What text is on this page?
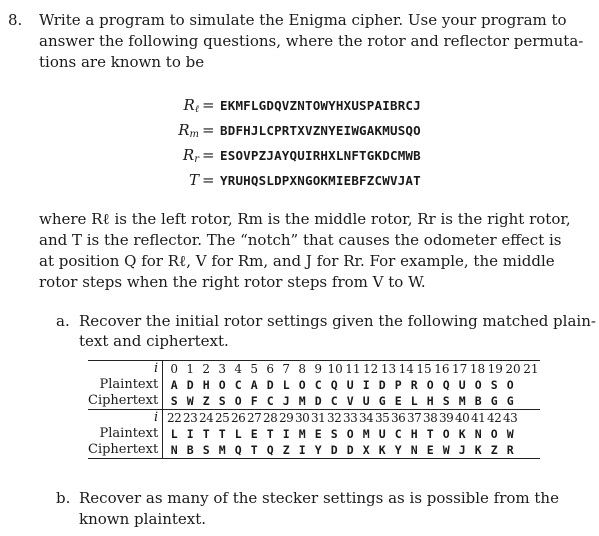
8. Write a program to simulate the Enigma cipher. Use your program to
answer the following questions, where the rotor and reflector permuta-
tions are known to be
$R_\ell$ = EKMFLGDQVZNTOWYHXUSPAIBRCJ
$R_m$ = BDFHJLCPRTXVZNYEIWGAKMUSQO
$R_r$ = ESOVPZJAYQUIRHXLNFTGKDCMWB
T = YRUHQSLDPXNGOKMIEBFZCWVJAT
where Rℓ is the left rotor, Rm is the middle rotor, Rr is the right rotor,
and T is the reflector. The “notch” that causes the odometer effect is
at position Q for Rℓ, V for Rm, and J for Rr. For example, the middle
rotor steps when the right rotor steps from V to W.
a. Recover the initial rotor settings given the following matched plain-
text and ciphertext.
i	0 1 2 3 4 5 6 7 8 9 10 11 12 13 14 15 16 17 18 19 20 21
Plaintext	A D H O C A D L O C Q U I D P R O Q U O S O
Ciphertext	S W Z S O F C J M D C V U G E L H S M B G G
i	22 23 24 25 26 27 28 29 30 31 32 33 34 35 36 37 38 39 40 41 42 43
Plaintext	L I T T L E T I M E S O M U C H T O K N O W
Ciphertext	N B S M Q T Q Z I Y D D X K Y N E W J K Z R
b. Recover as many of the stecker settings as is possible from the
known plaintext.
